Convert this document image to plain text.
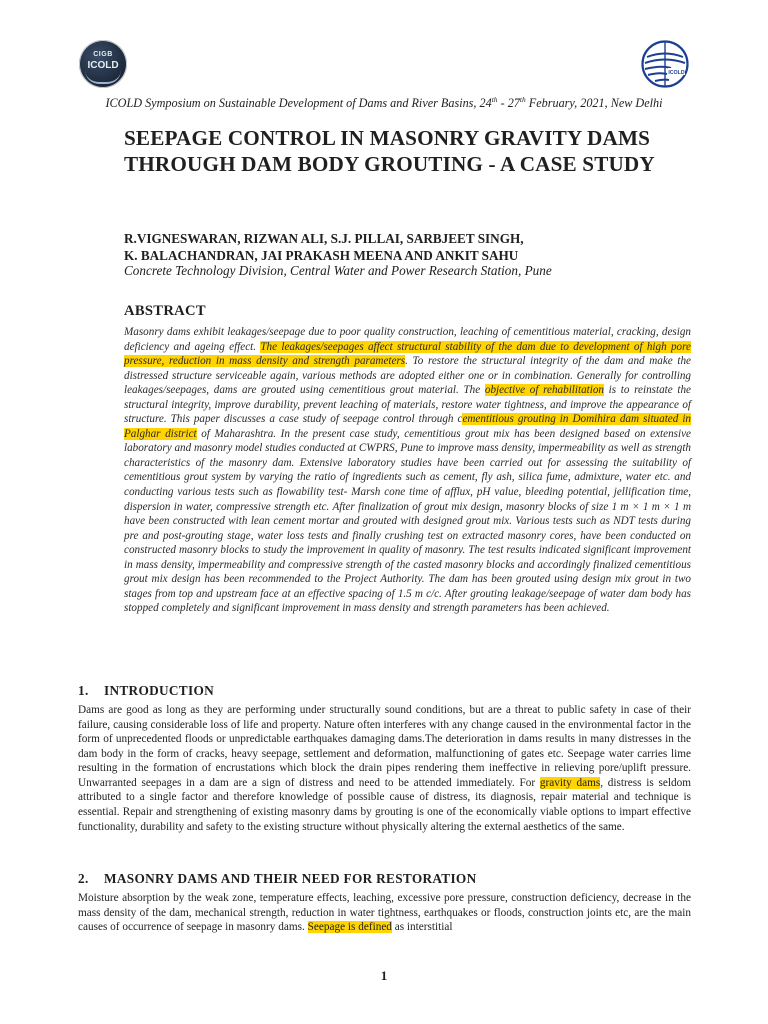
CIGB
ICOLD
ICOLD
ICOLD Symposium on Sustainable Development of Dams and River Basins, 24th - 27th February, 2021, New Delhi
SEEPAGE CONTROL IN MASONRY GRAVITY DAMS THROUGH DAM BODY GROUTING - A CASE STUDY
R.VIGNESWARAN, RIZWAN ALI, S.J. PILLAI, SARBJEET SINGH,
K. BALACHANDRAN, JAI PRAKASH MEENA AND ANKIT SAHU
Concrete Technology Division, Central Water and Power Research Station, Pune
ABSTRACT
Masonry dams exhibit leakages/seepage due to poor quality construction, leaching of cementitious material, cracking, design deficiency and ageing effect. The leakages/seepages affect structural stability of the dam due to development of high pore pressure, reduction in mass density and strength parameters. To restore the structural integrity of the dam and make the distressed structure serviceable again, various methods are adopted either one or in combination. Generally for controlling leakages/seepages, dams are grouted using cementitious grout material. The objective of rehabilitation is to reinstate the structural integrity, improve durability, prevent leaching of materials, restore water tightness, and improve the appearance of structure. This paper discusses a case study of seepage control through cementitious grouting in Domihira dam situated in Palghar district of Maharashtra. In the present case study, cementitious grout mix has been designed based on extensive laboratory and masonry model studies conducted at CWPRS, Pune to improve mass density, impermeability as well as strength characteristics of the masonry dam. Extensive laboratory studies have been carried out for assessing the suitability of cementitious grout system by varying the ratio of ingredients such as cement, fly ash, silica fume, admixture, water etc. and conducting various tests such as flowability test- Marsh cone time of afflux, pH value, bleeding potential, jellification time, dispersion in water, compressive strength etc. After finalization of grout mix design, masonry blocks of size 1 m × 1 m × 1 m have been constructed with lean cement mortar and grouted with designed grout mix. Various tests such as NDT tests during pre and post-grouting stage, water loss tests and finally crushing test on extracted masonry cores, have been conducted on constructed masonry blocks to study the improvement in quality of masonry. The test results indicated significant improvement in mass density, impermeability and compressive strength of the casted masonry blocks and accordingly finalized cementitious grout mix design has been recommended to the Project Authority. The dam has been grouted using design mix grout in two stages from top and upstream face at an effective spacing of 1.5 m c/c. After grouting leakage/seepage of water dam body has stopped completely and significant improvement in mass density and strength parameters has been achieved.
1. INTRODUCTION
Dams are good as long as they are performing under structurally sound conditions, but are a threat to public safety in case of their failure, causing considerable loss of life and property. Nature often interferes with any change caused in the environmental factor in the form of unprecedented floods or unpredictable earthquakes damaging dams.The deterioration in dams results in many distresses in the dam body in the form of cracks, heavy seepage, settlement and deformation, malfunctioning of gates etc. Seepage water carries lime resulting in the formation of encrustations which block the drain pipes rendering them ineffective in relieving pore/uplift pressure. Unwarranted seepages in a dam are a sign of distress and need to be attended immediately. For gravity dams, distress is seldom attributed to a single factor and therefore knowledge of possible cause of distress, its diagnosis, repair material and technique is essential. Repair and strengthening of existing masonry dams by grouting is one of the economically viable options to impart effective functionality, durability and safety to the existing structure without physically altering the external aesthetics of the same.
2. MASONRY DAMS AND THEIR NEED FOR RESTORATION
Moisture absorption by the weak zone, temperature effects, leaching, excessive pore pressure, construction deficiency, decrease in the mass density of the dam, mechanical strength, reduction in water tightness, earthquakes or floods, construction joints etc, are the main causes of occurrence of seepage in masonry dams. Seepage is defined as interstitial
1
